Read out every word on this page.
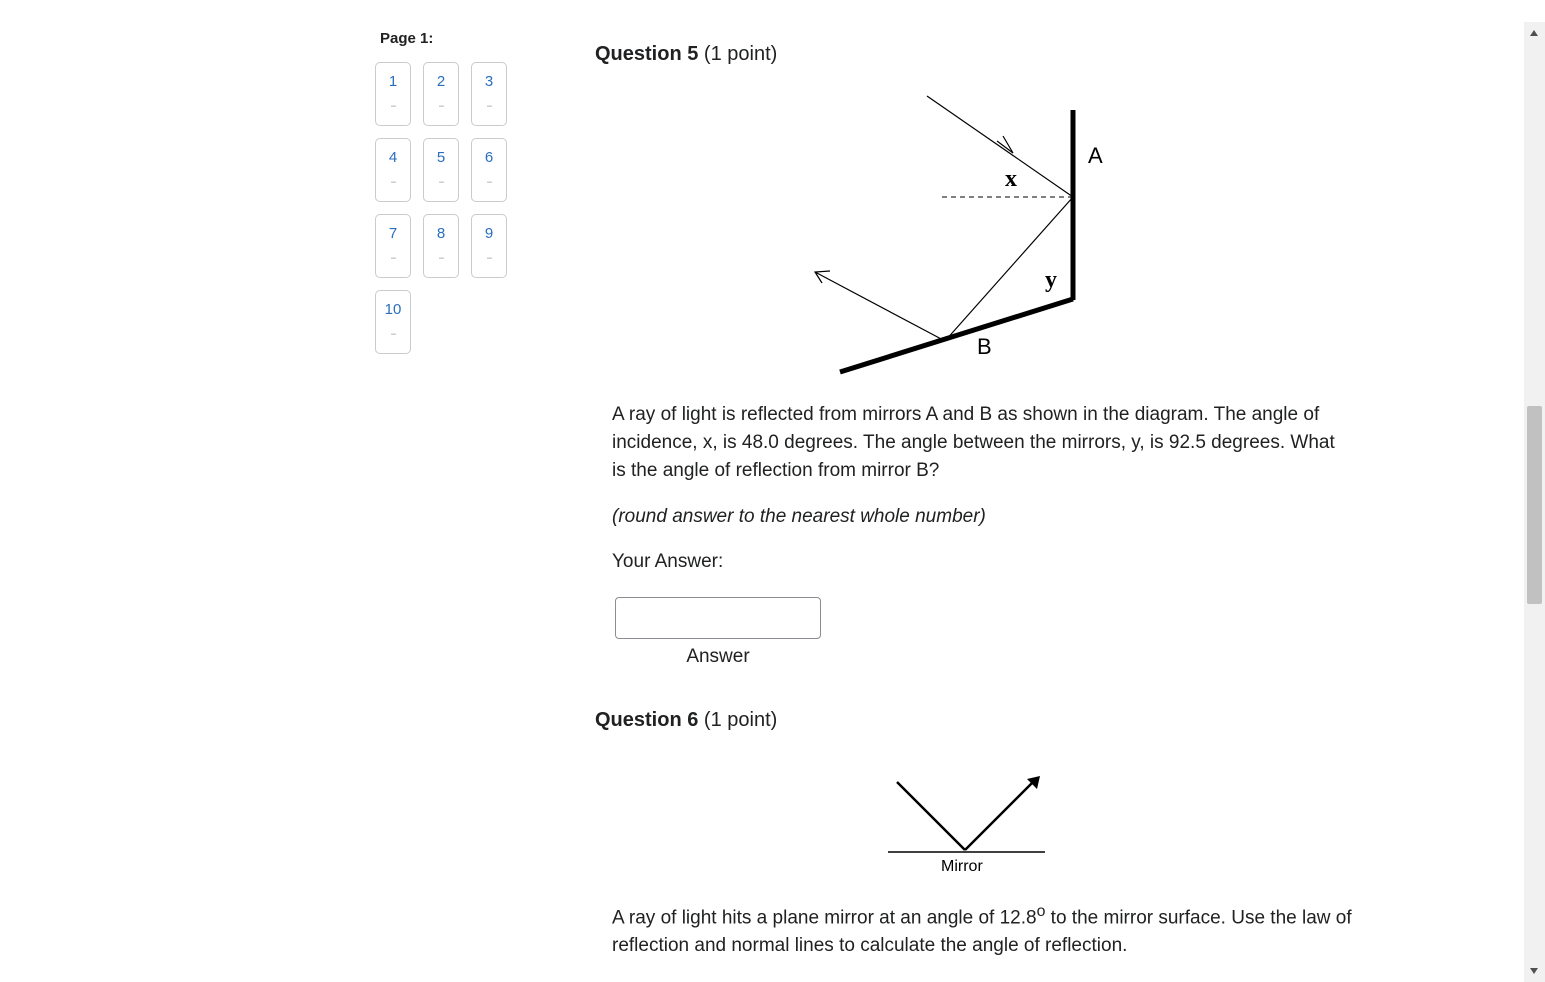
Page 1:
1
--
2
--
3
--
4
--
5
--
6
--
7
--
8
--
9
--
10
--
Question 5 (1 point)
A
B
x
y
A ray of light is reflected from mirrors A and B as shown in the diagram. The angle of incidence, x, is 48.0 degrees. The angle between the mirrors, y, is 92.5 degrees. What is the angle of reflection from mirror B?
(round answer to the nearest whole number)
Your Answer:
Answer
Question 6 (1 point)
Mirror
A ray of light hits a plane mirror at an angle of 12.8$^o$ to the mirror surface. Use the law of reflection and normal lines to calculate the angle of reflection.
